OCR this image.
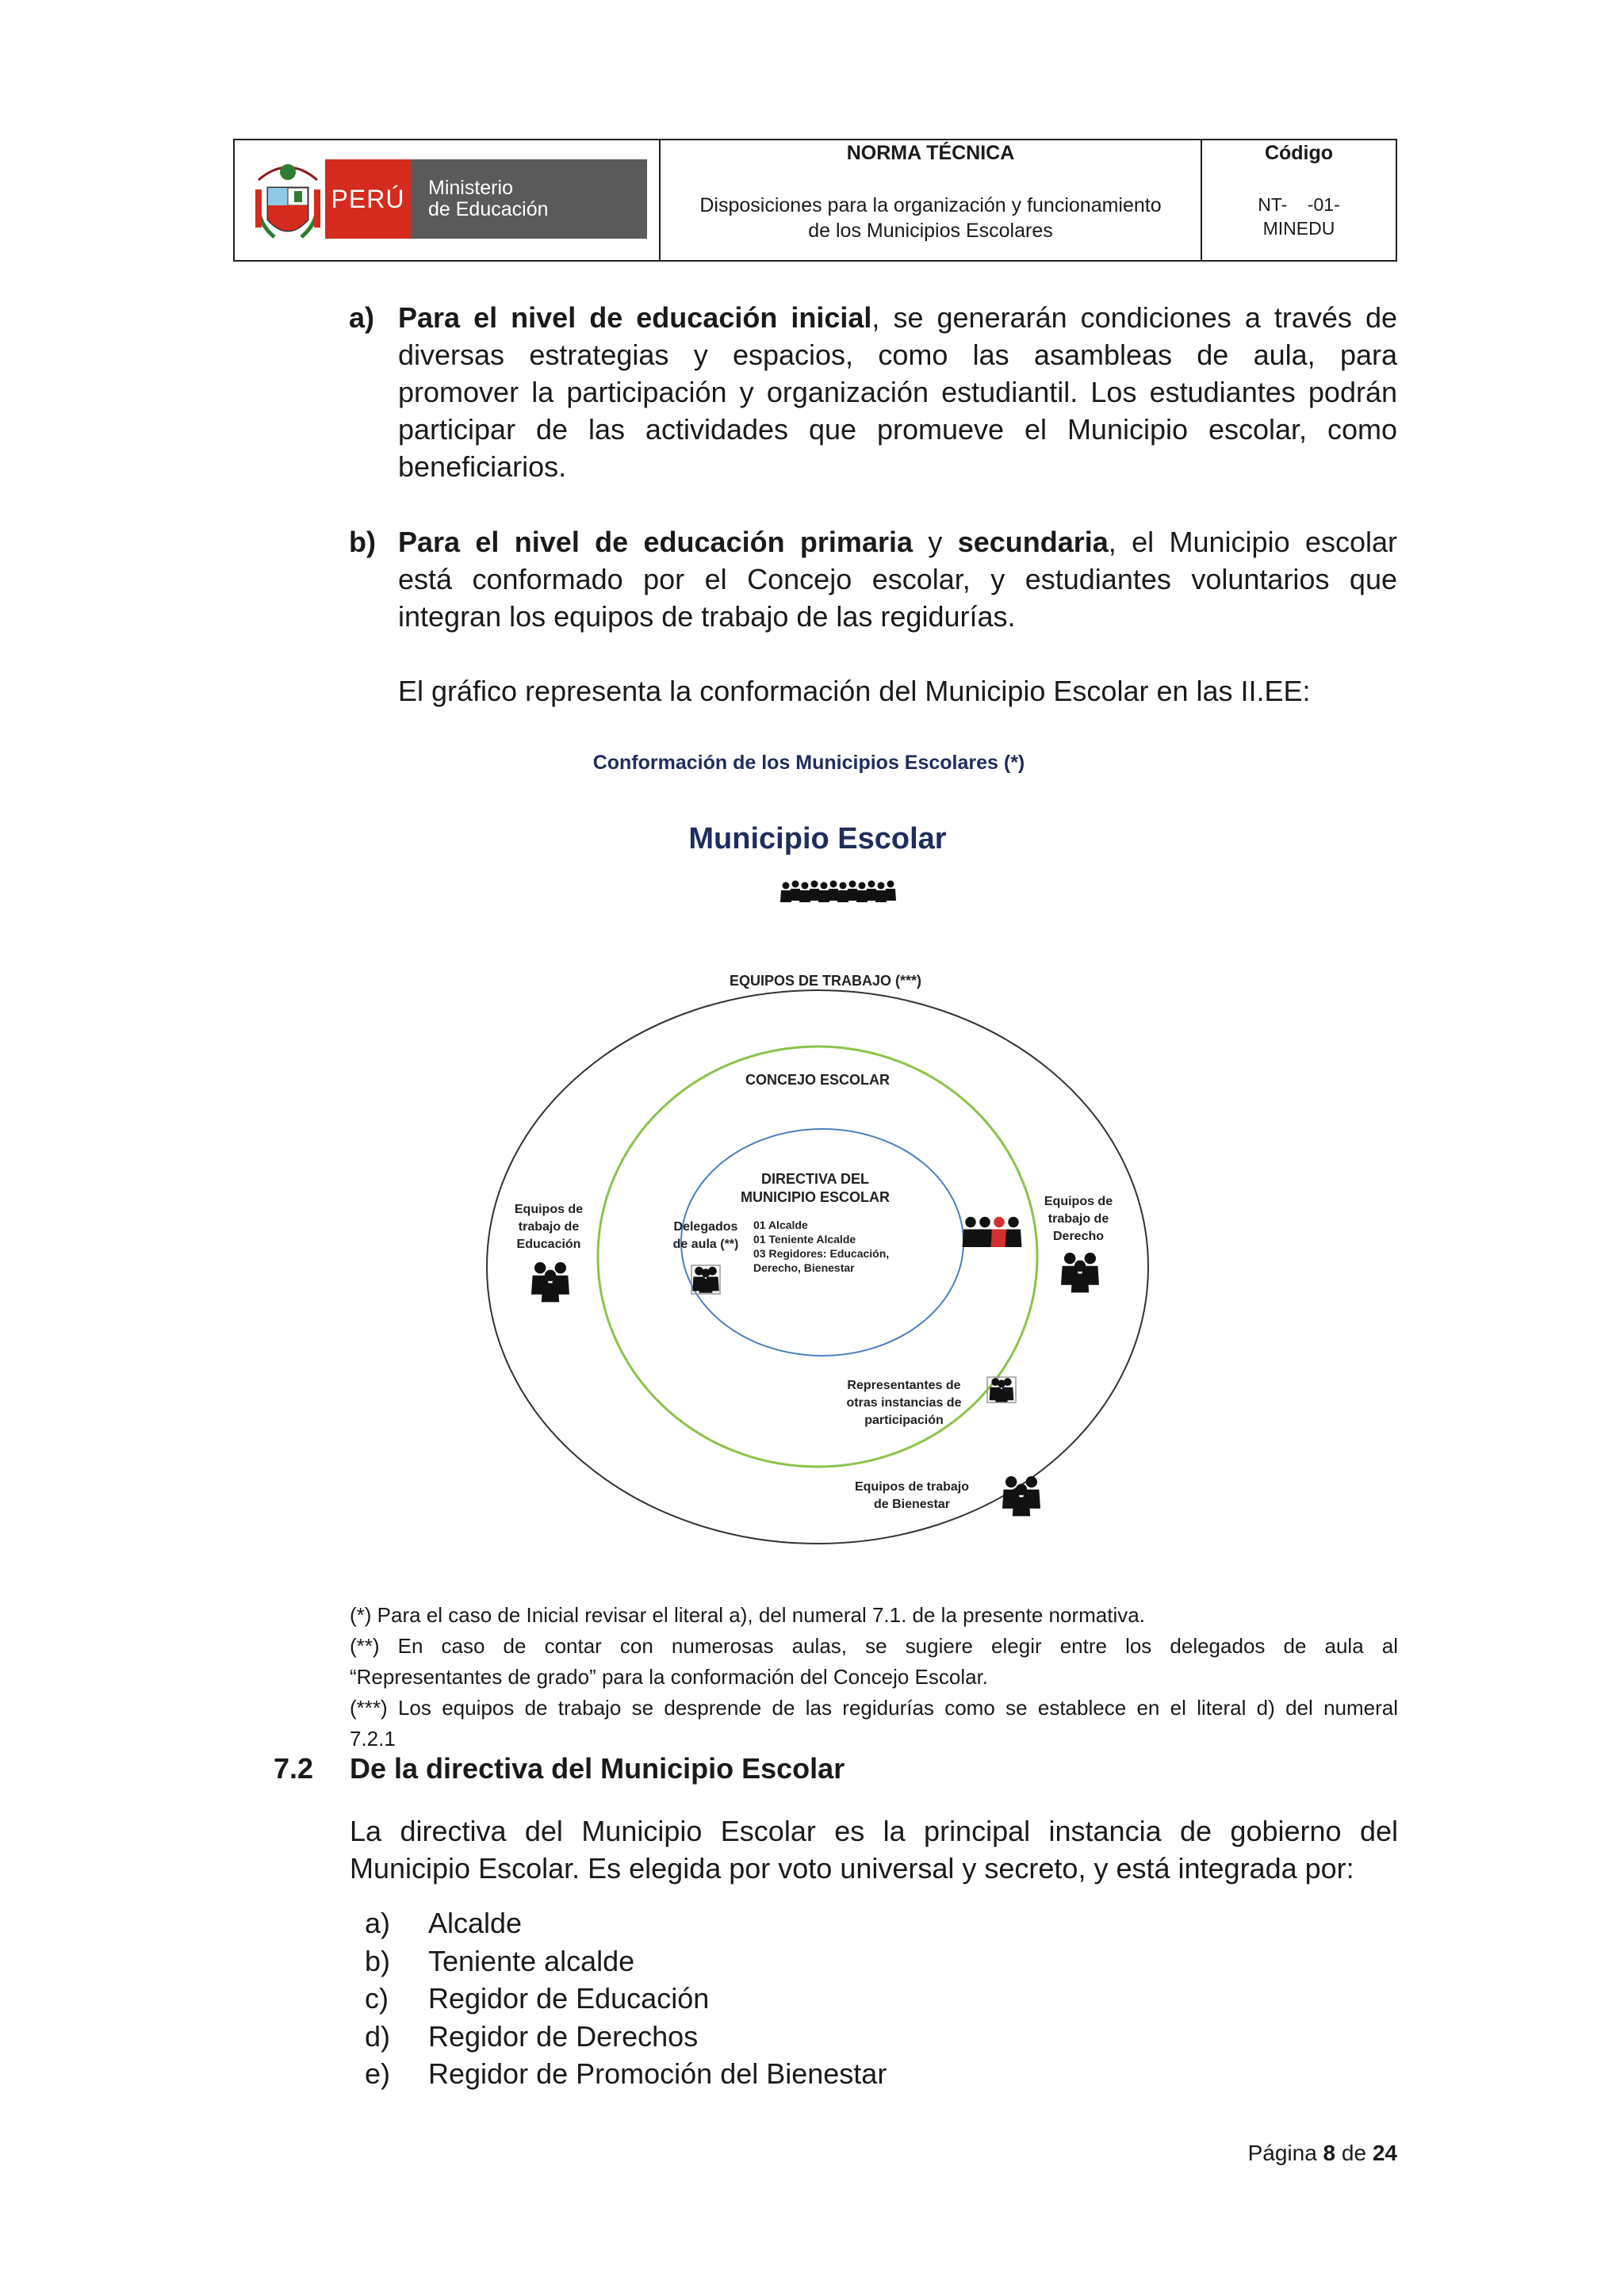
PERÚ	Ministerio
de Educación
NORMA TÉCNICA
Disposiciones para la organización y funcionamiento
de los Municipios Escolares
Código
NT-    -01-
MINEDU
a) Para el nivel de educación inicial, se generarán condiciones a través de
diversas estrategias y espacios, como las asambleas de aula, para
promover la participación y organización estudiantil. Los estudiantes podrán
participar de las actividades que promueve el Municipio escolar, como
beneficiarios.
b) Para el nivel de educación primaria y secundaria, el Municipio escolar
está conformado por el Concejo escolar, y estudiantes voluntarios que
integran los equipos de trabajo de las regidurías.
El gráfico representa la conformación del Municipio Escolar en las II.EE:
Conformación de los Municipios Escolares (*)
Municipio Escolar
EQUIPOS DE TRABAJO (***)
CONCEJO ESCOLAR
DIRECTIVA DEL
MUNICIPIO ESCOLAR
01 Alcalde
01 Teniente Alcalde
03 Regidores: Educación,
Derecho, Bienestar
Equipos de
trabajo de
Educación
Delegados
de aula (**)
Equipos de
trabajo de
Derecho
Representantes de
otras instancias de
participación
Equipos de trabajo
de Bienestar
(*) Para el caso de Inicial revisar el literal a), del numeral 7.1. de la presente normativa.
(**) En caso de contar con numerosas aulas, se sugiere elegir entre los delegados de aula al
“Representantes de grado” para la conformación del Concejo Escolar.
(***) Los equipos de trabajo se desprende de las regidurías como se establece en el literal d) del numeral
7.2.1
7.2 De la directiva del Municipio Escolar
La directiva del Municipio Escolar es la principal instancia de gobierno del
Municipio Escolar. Es elegida por voto universal y secreto, y está integrada por:
a)	Alcalde
b)	Teniente alcalde
c)	Regidor de Educación
d)	Regidor de Derechos
e)	Regidor de Promoción del Bienestar
Página 8 de 24
